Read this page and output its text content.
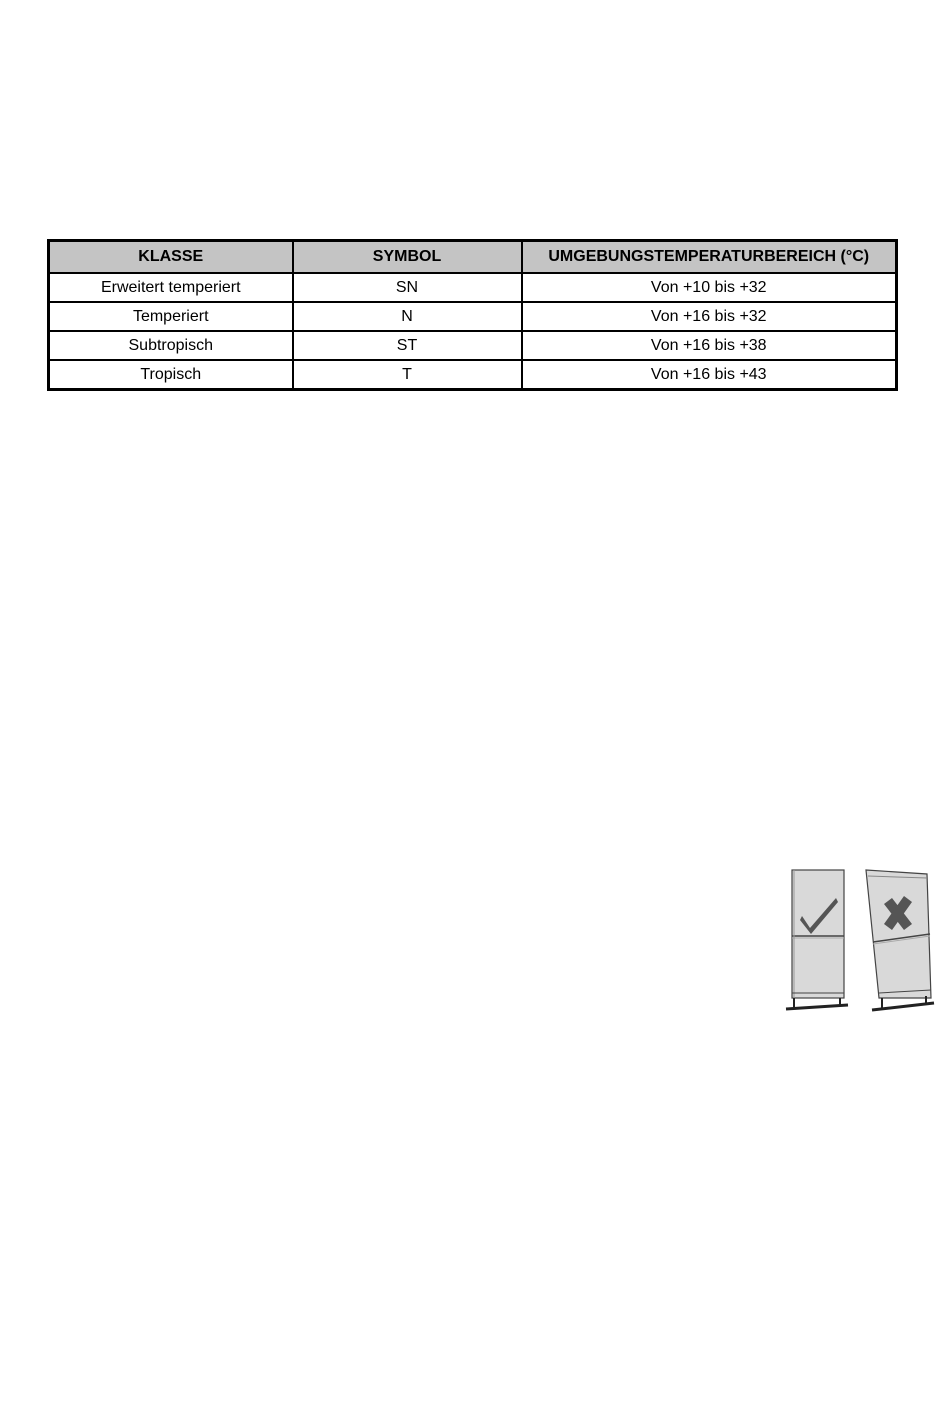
KLASSE	SYMBOL	UMGEBUNGSTEMPERATURBEREICH (°C)
Erweitert temperiert	SN	Von +10 bis +32
Temperiert	N	Von +16 bis +32
Subtropisch	ST	Von +16 bis +38
Tropisch	T	Von +16 bis +43
